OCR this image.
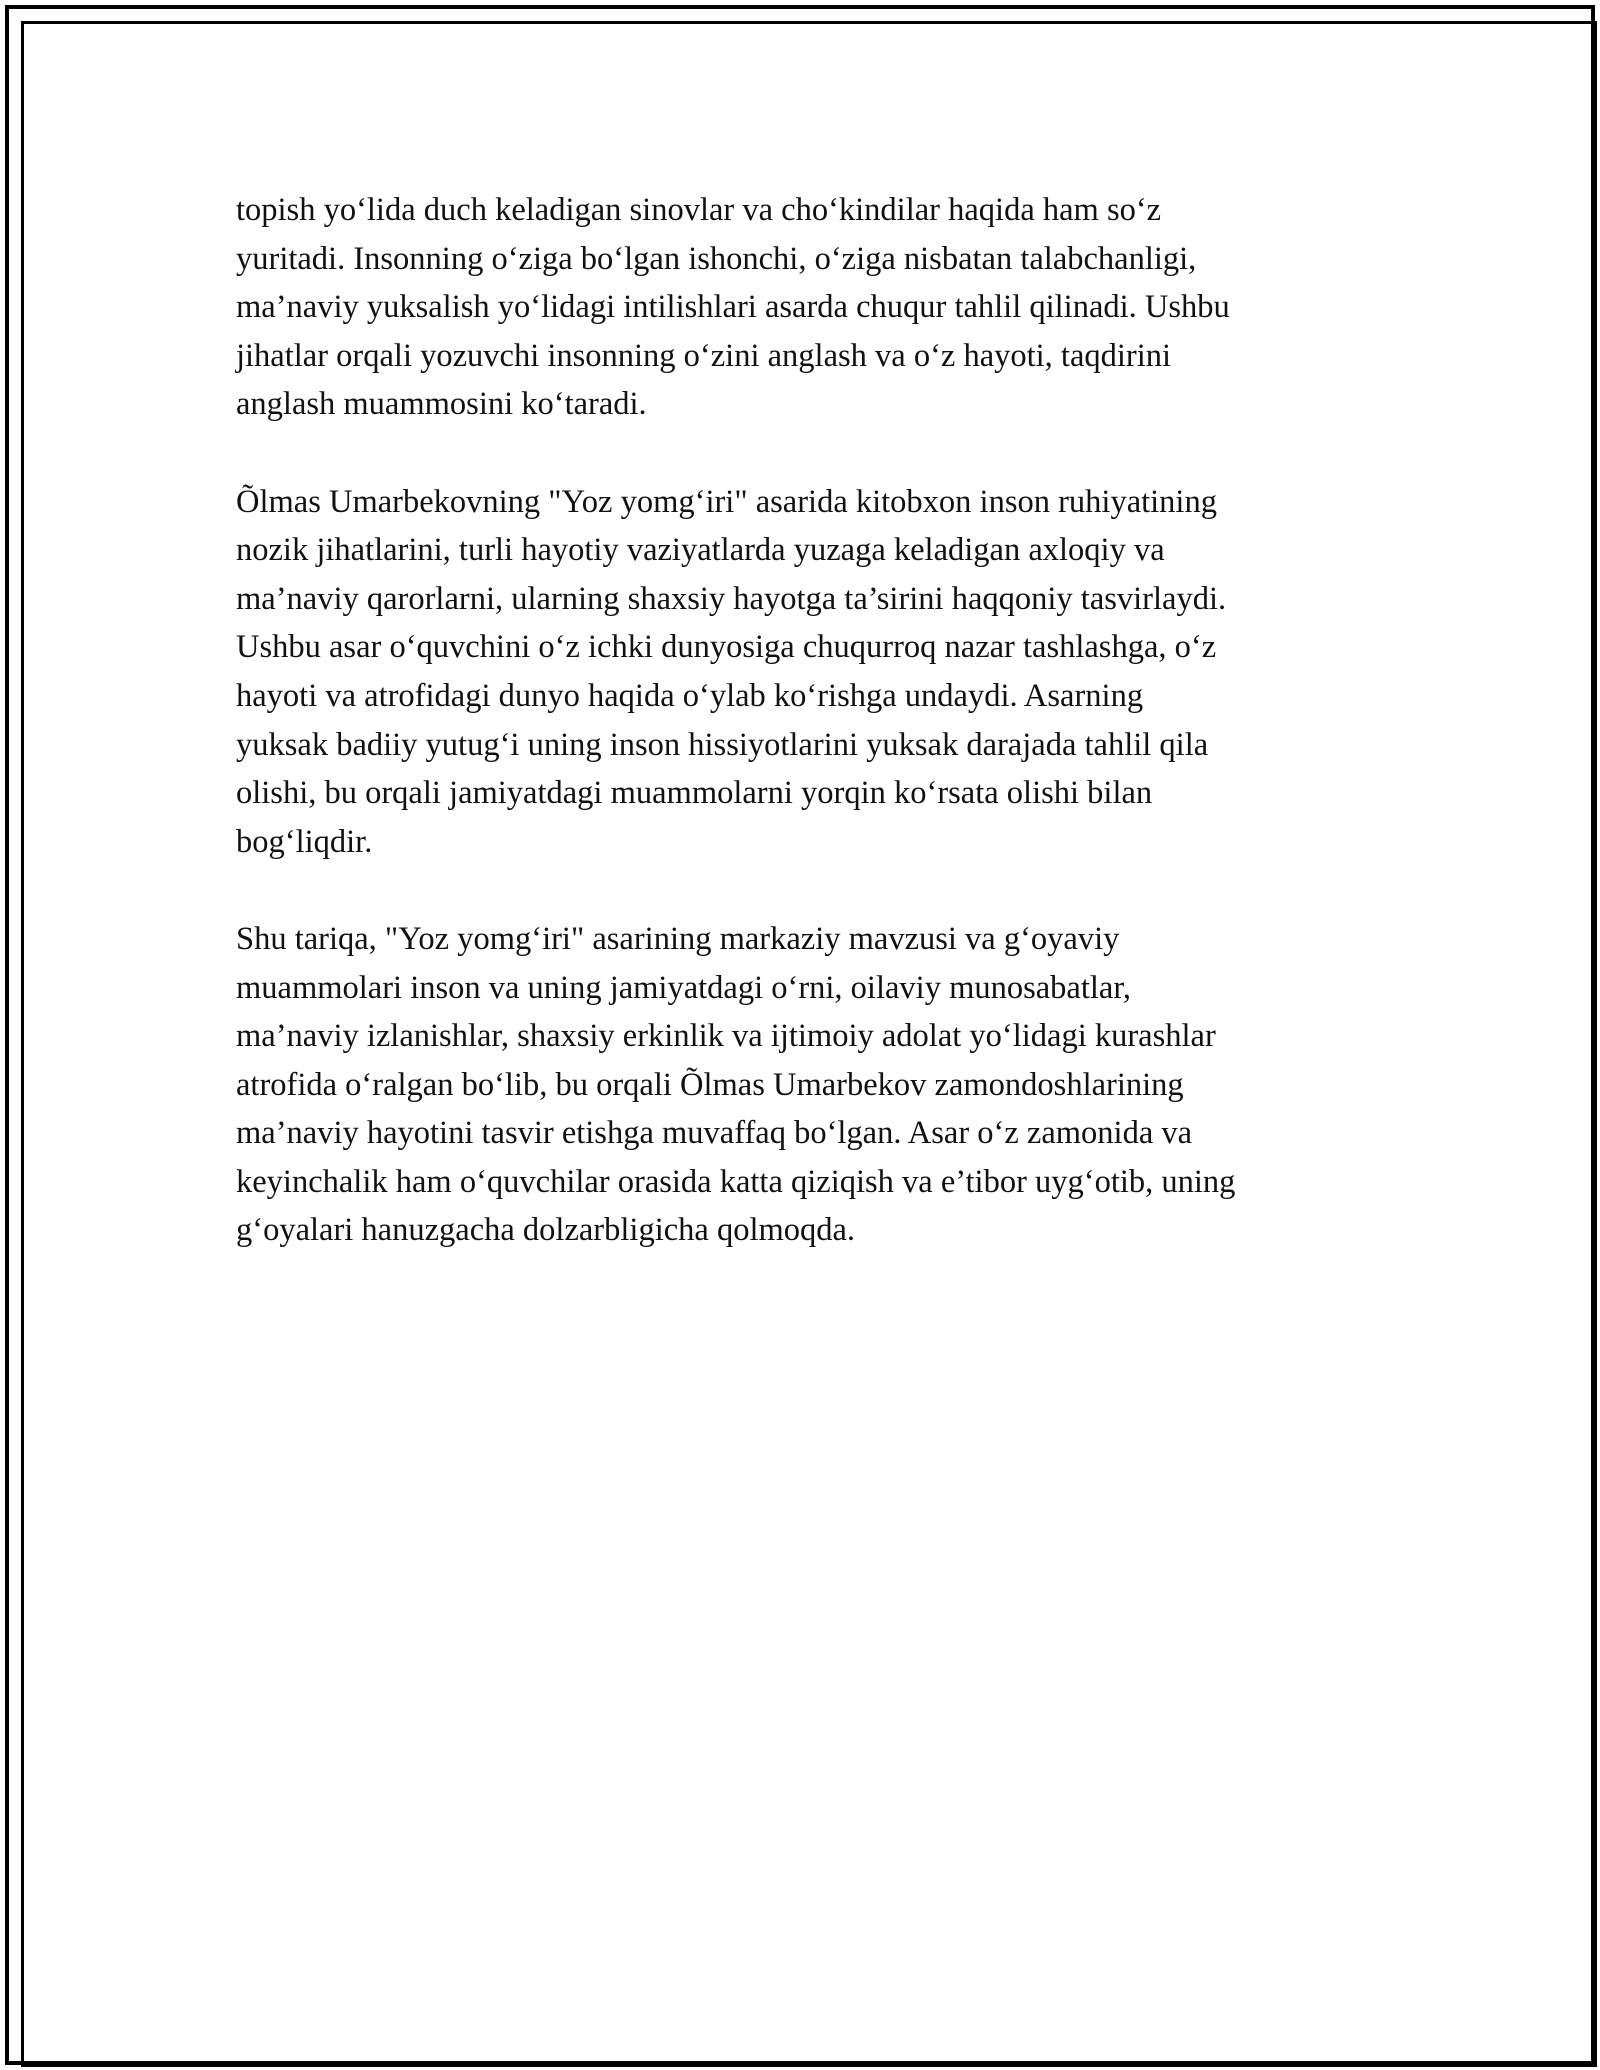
topish yo‘lida duch keladigan sinovlar va cho‘kindilar haqida ham so‘z
yuritadi. Insonning o‘ziga bo‘lgan ishonchi, o‘ziga nisbatan talabchanligi,
ma’naviy yuksalish yo‘lidagi intilishlari asarda chuqur tahlil qilinadi. Ushbu
jihatlar orqali yozuvchi insonning o‘zini anglash va o‘z hayoti, taqdirini
anglash muammosini ko‘taradi.

Õlmas Umarbekovning "Yoz yomg‘iri" asarida kitobxon inson ruhiyatining
nozik jihatlarini, turli hayotiy vaziyatlarda yuzaga keladigan axloqiy va
ma’naviy qarorlarni, ularning shaxsiy hayotga ta’sirini haqqoniy tasvirlaydi.
Ushbu asar o‘quvchini o‘z ichki dunyosiga chuqurroq nazar tashlashga, o‘z
hayoti va atrofidagi dunyo haqida o‘ylab ko‘rishga undaydi. Asarning
yuksak badiiy yutug‘i uning inson hissiyotlarini yuksak darajada tahlil qila
olishi, bu orqali jamiyatdagi muammolarni yorqin ko‘rsata olishi bilan
bog‘liqdir.

Shu tariqa, "Yoz yomg‘iri" asarining markaziy mavzusi va g‘oyaviy
muammolari inson va uning jamiyatdagi o‘rni, oilaviy munosabatlar,
ma’naviy izlanishlar, shaxsiy erkinlik va ijtimoiy adolat yo‘lidagi kurashlar
atrofida o‘ralgan bo‘lib, bu orqali Õlmas Umarbekov zamondoshlarining
ma’naviy hayotini tasvir etishga muvaffaq bo‘lgan. Asar o‘z zamonida va
keyinchalik ham o‘quvchilar orasida katta qiziqish va e’tibor uyg‘otib, uning
g‘oyalari hanuzgacha dolzarbligicha qolmoqda.
